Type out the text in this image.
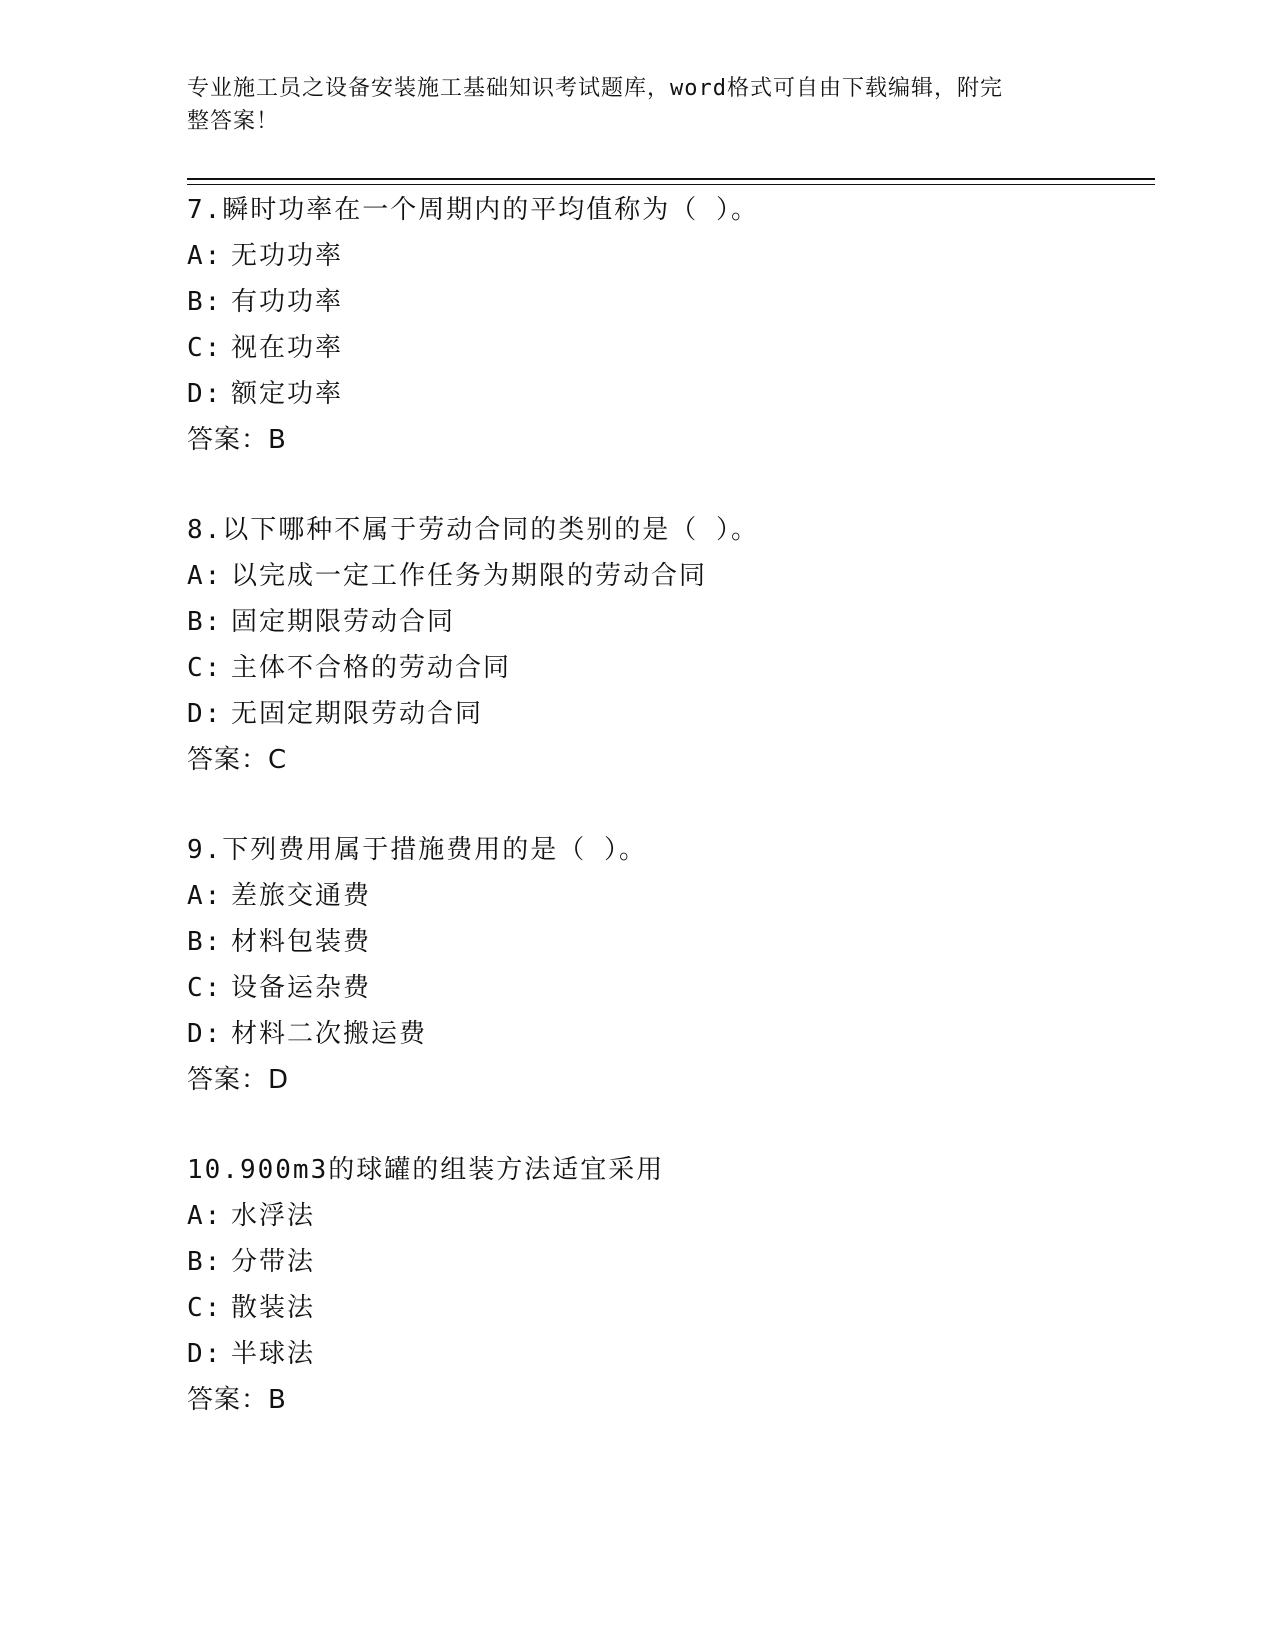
专业施工员之设备安装施工基础知识考试题库，word格式可自由下载编辑，附完
整答案！
7.瞬时功率在一个周期内的平均值称为（ ）。
A: 无功功率
B: 有功功率
C: 视在功率
D: 额定功率
答案：B
8.以下哪种不属于劳动合同的类别的是（ ）。
A: 以完成一定工作任务为期限的劳动合同
B: 固定期限劳动合同
C: 主体不合格的劳动合同
D: 无固定期限劳动合同
答案：C
9.下列费用属于措施费用的是（ ）。
A: 差旅交通费
B: 材料包装费
C: 设备运杂费
D: 材料二次搬运费
答案：D
10.900m3的球罐的组装方法适宜采用
A: 水浮法
B: 分带法
C: 散装法
D: 半球法
答案：B
